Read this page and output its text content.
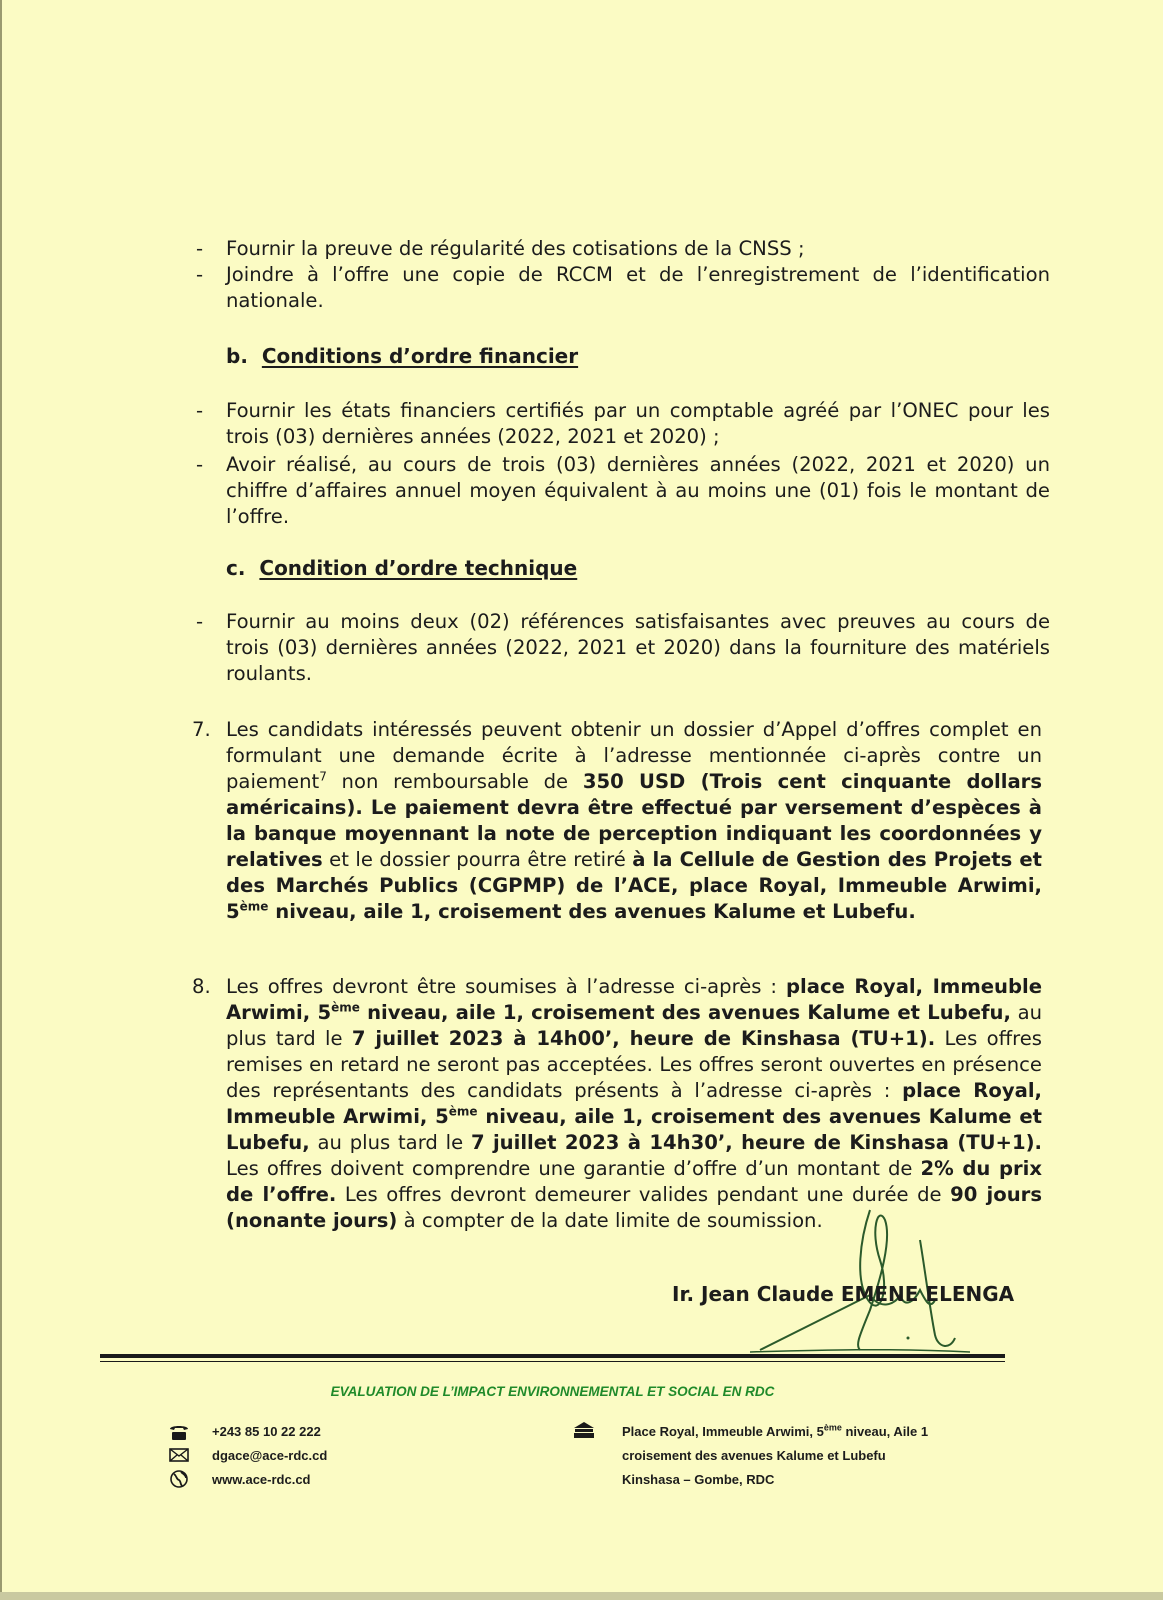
- Fournir la preuve de régularité des cotisations de la CNSS ;
- Joindre à l’offre une copie de RCCM et de l’enregistrement de l’identification nationale.
b. Conditions d’ordre financier
- Fournir les états financiers certifiés par un comptable agréé par l’ONEC pour les trois (03) dernières années (2022, 2021 et 2020) ;
- Avoir réalisé, au cours de trois (03) dernières années (2022, 2021 et 2020) un chiffre d’affaires annuel moyen équivalent à au moins une (01) fois le montant de l’offre.
c. Condition d’ordre technique
- Fournir au moins deux (02) références satisfaisantes avec preuves au cours de trois (03) dernières années (2022, 2021 et 2020) dans la fourniture des matériels roulants.
7. Les candidats intéressés peuvent obtenir un dossier d’Appel d’offres complet en formulant une demande écrite à l’adresse mentionnée ci-après contre un paiement$^7$ non remboursable de 350 USD (Trois cent cinquante dollars américains). Le paiement devra être effectué par versement d’espèces à la banque moyennant la note de perception indiquant les coordonnées y relatives et le dossier pourra être retiré à la Cellule de Gestion des Projets et des Marchés Publics (CGPMP) de l’ACE, place Royal, Immeuble Arwimi, 5ème niveau, aile 1, croisement des avenues Kalume et Lubefu.
8. Les offres devront être soumises à l’adresse ci-après : place Royal, Immeuble Arwimi, 5ème niveau, aile 1, croisement des avenues Kalume et Lubefu, au plus tard le 7 juillet 2023 à 14h00’, heure de Kinshasa (TU+1). Les offres remises en retard ne seront pas acceptées. Les offres seront ouvertes en présence des représentants des candidats présents à l’adresse ci-après : place Royal, Immeuble Arwimi, 5ème niveau, aile 1, croisement des avenues Kalume et Lubefu, au plus tard le 7 juillet 2023 à 14h30’, heure de Kinshasa (TU+1). Les offres doivent comprendre une garantie d’offre d’un montant de 2% du prix de l’offre. Les offres devront demeurer valides pendant une durée de 90 jours (nonante jours) à compter de la date limite de soumission.
Ir. Jean Claude EMENE ELENGA
EVALUATION DE L’IMPACT ENVIRONNEMENTAL ET SOCIAL EN RDC
+243 85 10 22 222
dgace@ace-rdc.cd
www.ace-rdc.cd
Place Royal, Immeuble Arwimi, 5ème niveau, Aile 1
croisement des avenues Kalume et Lubefu
Kinshasa – Gombe, RDC
